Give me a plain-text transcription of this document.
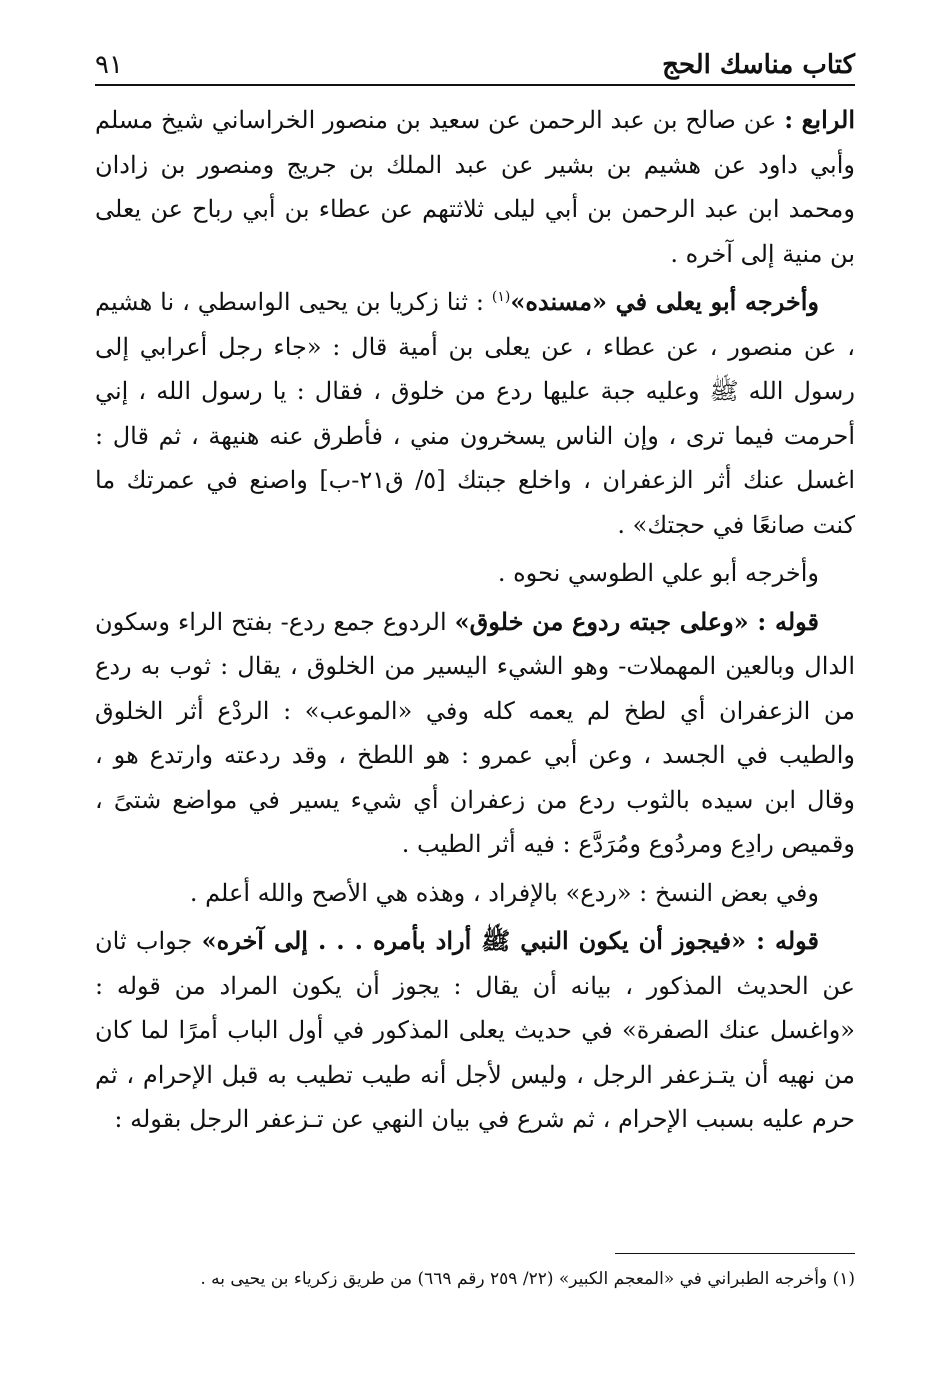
كتاب مناسك الحج
٩١

الرابع : عن صالح بن عبد الرحمن عن سعيد بن منصور الخراساني شيخ مسلم وأبي داود عن هشيم بن بشير عن عبد الملك بن جريج ومنصور بن زادان ومحمد ابن عبد الرحمن بن أبي ليلى ثلاثتهم عن عطاء بن أبي رباح عن يعلى بن منية إلى آخره .

وأخرجه أبو يعلى في «مسنده»$^{(١)}$ : ثنا زكريا بن يحيى الواسطي ، نا هشيم ، عن منصور ، عن عطاء ، عن يعلى بن أمية قال : «جاء رجل أعرابي إلى رسول الله ﷺ وعليه جبة عليها ردع من خلوق ، فقال : يا رسول الله ، إني أحرمت فيما ترى ، وإن الناس يسخرون مني ، فأطرق عنه هنيهة ، ثم قال : اغسل عنك أثر الزعفران ، واخلع جبتك [٥/ ق٢١-ب] واصنع في عمرتك ما كنت صانعًا في حجتك» .

وأخرجه أبو علي الطوسي نحوه .

قوله : «وعلى جبته ردوع من خلوق» الردوع جمع ردع- بفتح الراء وسكون الدال وبالعين المهملات- وهو الشيء اليسير من الخلوق ، يقال : ثوب به ردع من الزعفران أي لطخ لم يعمه كله وفي «الموعب» : الردْع أثر الخلوق والطيب في الجسد ، وعن أبي عمرو : هو اللطخ ، وقد ردعته وارتدع هو ، وقال ابن سيده بالثوب ردع من زعفران أي شيء يسير في مواضع شتىً ، وقميص رادِع ومردُوع ومُرَدَّع : فيه أثر الطيب .

وفي بعض النسخ : «ردع» بالإفراد ، وهذه هي الأصح والله أعلم .

قوله : «فيجوز أن يكون النبي ﷺ أراد بأمره . . . إلى آخره» جواب ثان عن الحديث المذكور ، بيانه أن يقال : يجوز أن يكون المراد من قوله : «واغسل عنك الصفرة» في حديث يعلى المذكور في أول الباب أمرًا لما كان من نهيه أن يتـزعفر الرجل ، وليس لأجل أنه طيب تطيب به قبل الإحرام ، ثم حرم عليه بسبب الإحرام ، ثم شرع في بيان النهي عن تـزعفر الرجل بقوله :

(١) وأخرجه الطبراني في «المعجم الكبير» (٢٢/ ٢٥٩ رقم ٦٦٩) من طريق زكرياء بن يحيى به .
